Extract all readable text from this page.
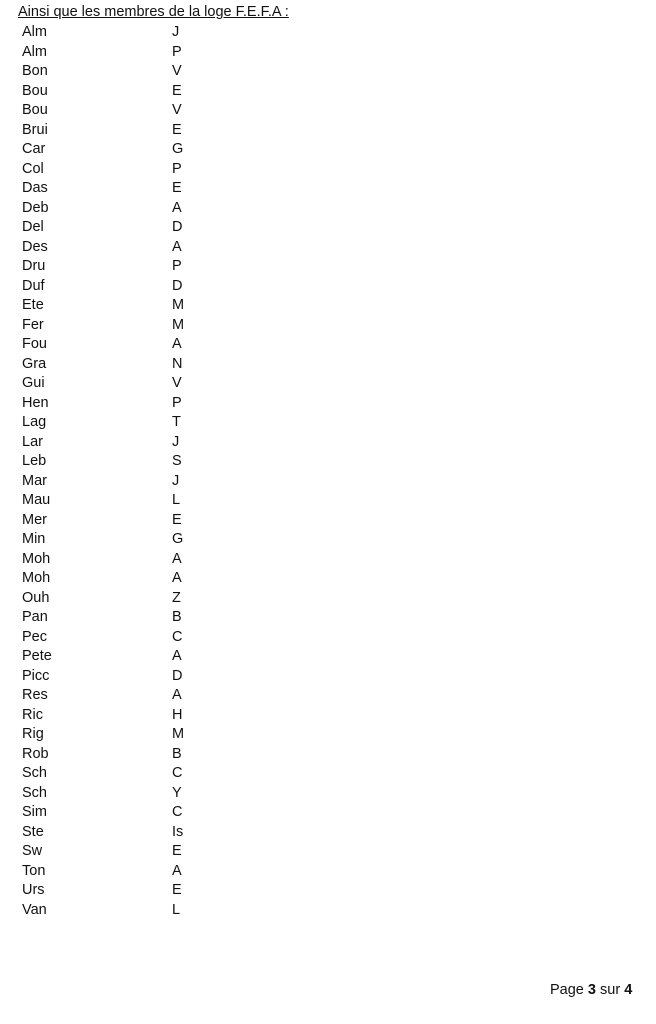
Ainsi que les membres de la loge F.E.F.A :
Alm	J
Alm	P
Bon	V
Bou	E
Bou	V
Brui	E
Car	G
Col	P
Das	E
Deb	A
Del	D
Des	A
Dru	P
Duf	D
Ete	M
Fer	M
Fou	A
Gra	N
Gui	V
Hen	P
Lag	T
Lar	J
Leb	S
Mar	J
Mau	L
Mer	E
Min	G
Moh	A
Moh	A
Ouh	Z
Pan	B
Pec	C
Pete	A
Picc	D
Res	A
Ric	H
Rig	M
Rob	B
Sch	C
Sch	Y
Sim	C
Ste	Is
Sw	E
Ton	A
Urs	E
Van	L
Page 3 sur 4
